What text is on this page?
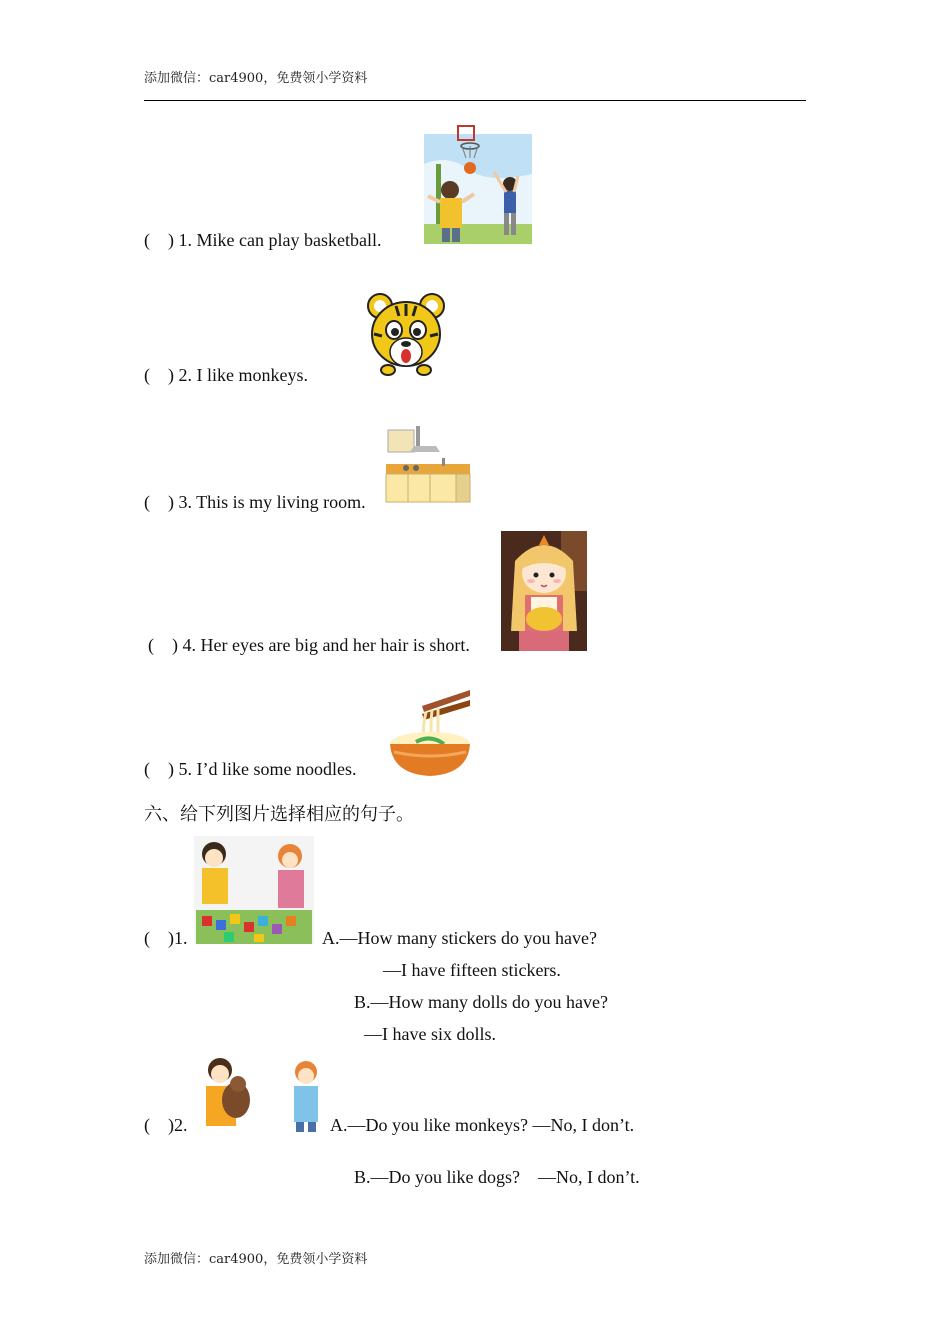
添加微信：car4900，免费领小学资料
(    ) 1. Mike can play basketball.
(    ) 2. I like monkeys.
(    ) 3. This is my living room.
(    ) 4. Her eyes are big and her hair is short.
(    ) 5. I’d like some noodles.
六、给下列图片选择相应的句子。
(    )1.	A.—How many stickers do you have?
—I have fifteen stickers.
B.—How many dolls do you have?
—I have six dolls.
(    )2.	A.—Do you like monkeys? —No, I don’t.
B.—Do you like dogs?    —No, I don’t.
添加微信：car4900，免费领小学资料
